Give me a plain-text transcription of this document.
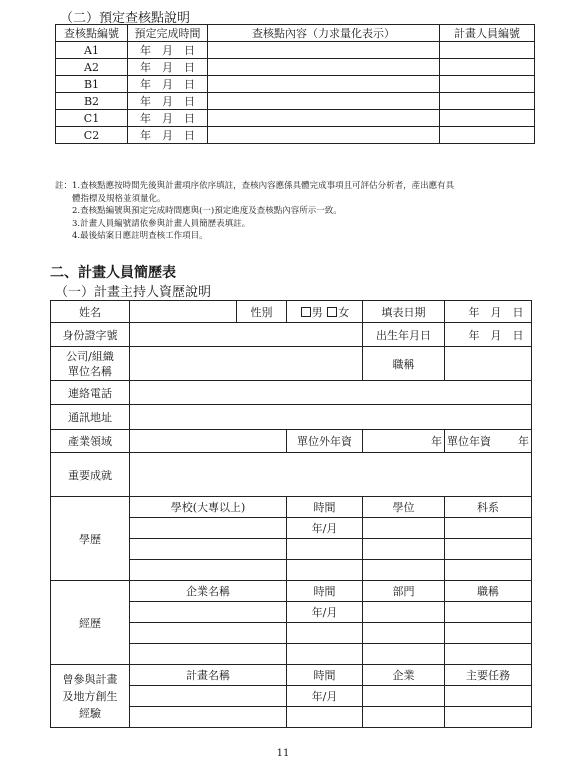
（二）預定查核點說明
查核點編號	預定完成時間	查核點內容（力求量化表示）	計畫人員編號
A1	年　月　日		
A2	年　月　日		
B1	年　月　日		
B2	年　月　日		
C1	年　月　日		
C2	年　月　日		
註：1.查核點應按時間先後與計畫項序依序填註，查核內容應係具體完成事項且可評估分析者，產出應有具
　　體指標及規格並須量化。
　　2.查核點編號與預定完成時間應與(一)預定進度及查核點內容所示一致。
　　3.計畫人員編號請依參與計畫人員簡歷表填註。
　　4.最後結案日應註明查核工作項目。
二、計畫人員簡歷表
（一）計畫主持人資歷說明
姓名		性別	男 女	填表日期	年 月 日
身份證字號				出生年月日	年 月 日

公司/組織
單位名稱				職稱	
連絡電話					
通訊地址					
產業領域			單位外年資	年	單位年資 年
重要成就					
學歷	學校(大專以上)		時間	學位	科系
			年/月		

經歷	企業名稱		時間	部門	職稱
			年/月		

曾參與計畫
及地方創生
經驗	計畫名稱		時間	企業	主要任務
			年/月		

11
